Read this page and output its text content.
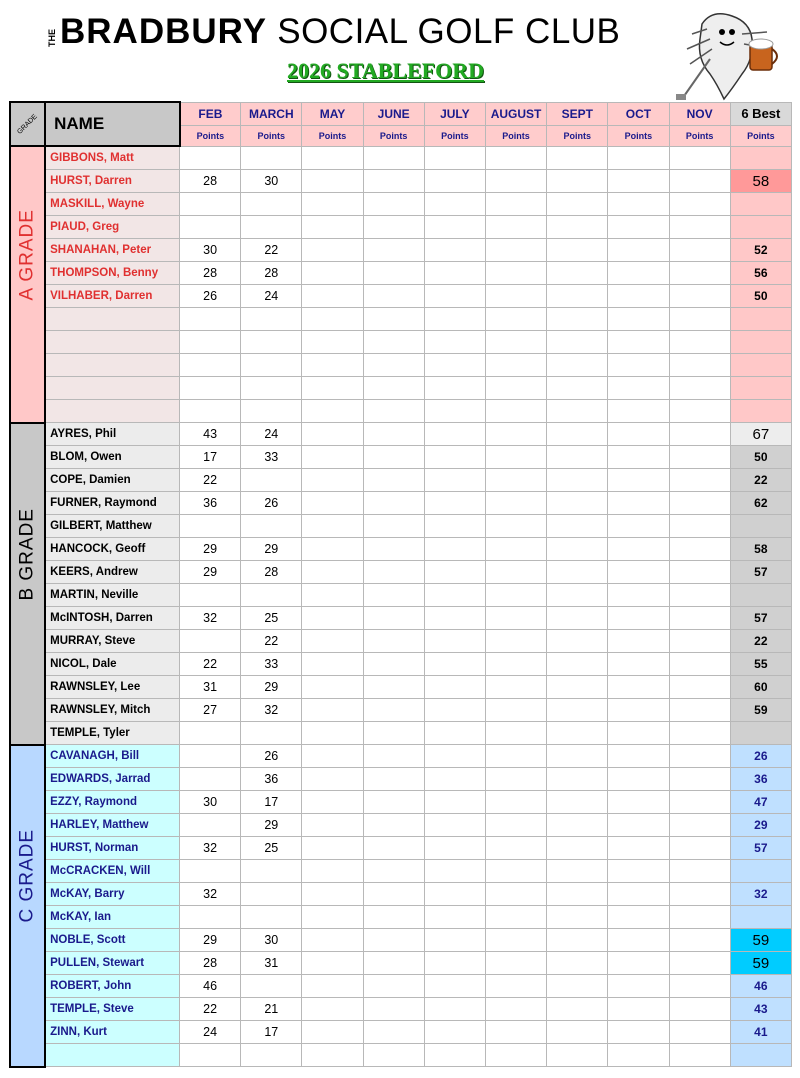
THE BRADBURY SOCIAL GOLF CLUB
2026 STABLEFORD
GRADE	NAME	FEB	MARCH	MAY	JUNE	JULY	AUGUST	SEPT	OCT	NOV	6 Best
		Points	Points	Points	Points	Points	Points	Points	Points	Points	Points

A GRADE	GIBBONS, Matt										
	HURST, Darren	28	30								58
	MASKILL, Wayne										
	PIAUD, Greg										
	SHANAHAN, Peter	30	22								52
	THOMPSON, Benny	28	28								56
	VILHABER, Darren	26	24								50

B GRADE	AYRES, Phil	43	24								67
	BLOM, Owen	17	33								50
	COPE, Damien	22									22
	FURNER, Raymond	36	26								62
	GILBERT, Matthew										
	HANCOCK, Geoff	29	29								58
	KEERS, Andrew	29	28								57
	MARTIN, Neville										
	McINTOSH, Darren	32	25								57
	MURRAY, Steve		22								22
	NICOL, Dale	22	33								55
	RAWNSLEY, Lee	31	29								60
	RAWNSLEY, Mitch	27	32								59
	TEMPLE, Tyler										

C GRADE	CAVANAGH, Bill		26								26
	EDWARDS, Jarrad		36								36
	EZZY, Raymond	30	17								47
	HARLEY, Matthew		29								29
	HURST, Norman	32	25								57
	McCRACKEN, Will										
	McKAY, Barry	32									32
	McKAY, Ian										
	NOBLE, Scott	29	30								59
	PULLEN, Stewart	28	31								59
	ROBERT, John	46									46
	TEMPLE, Steve	22	21								43
	ZINN, Kurt	24	17								41
